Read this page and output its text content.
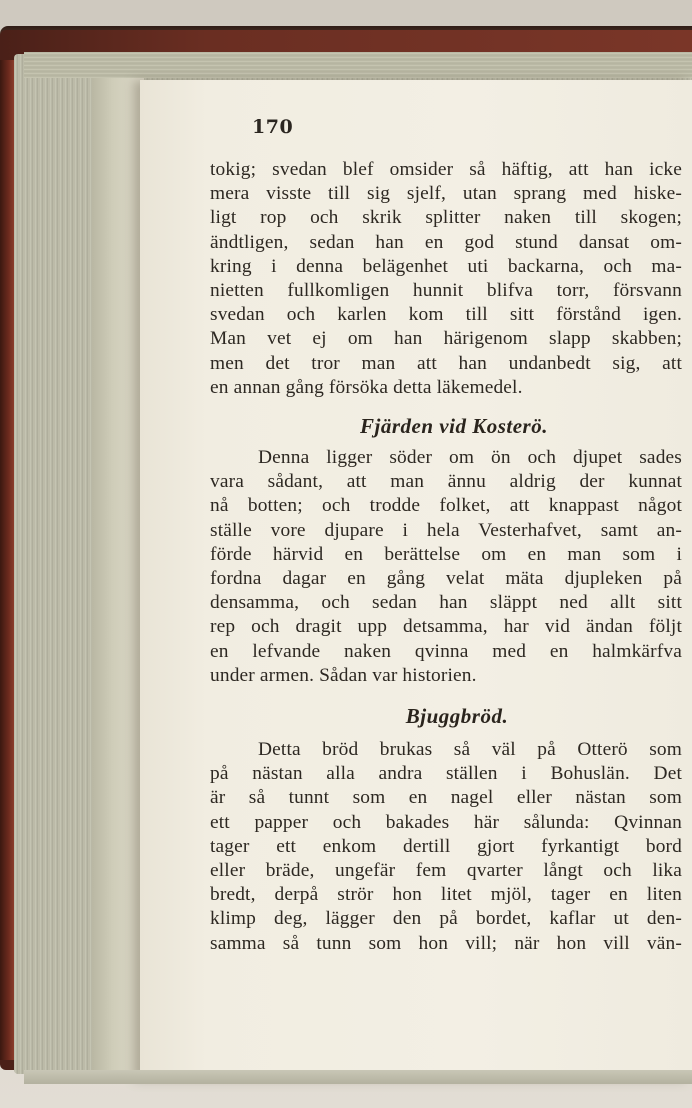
170
tokig; svedan blef omsider så häftig, att han icke
mera visste till sig sjelf, utan sprang med hiske-
ligt rop och skrik splitter naken till skogen;
ändtligen, sedan han en god stund dansat om-
kring i denna belägenhet uti backarna, och ma-
nietten fullkomligen hunnit blifva torr, försvann
svedan och karlen kom till sitt förstånd igen.
Man vet ej om han härigenom slapp skabben;
men det tror man att han undanbedt sig, att
en annan gång försöka detta läkemedel.
Fjärden vid Kosterö.
Denna ligger söder om ön och djupet sades
vara sådant, att man ännu aldrig der kunnat
nå botten; och trodde folket, att knappast något
ställe vore djupare i hela Vesterhafvet, samt an-
förde härvid en berättelse om en man som i
fordna dagar en gång velat mäta djupleken på
densamma, och sedan han släppt ned allt sitt
rep och dragit upp detsamma, har vid ändan följt
en lefvande naken qvinna med en halmkärfva
under armen. Sådan var historien.
Bjuggbröd.
Detta bröd brukas så väl på Otterö som
på nästan alla andra ställen i Bohuslän. Det
är så tunnt som en nagel eller nästan som
ett papper och bakades här sålunda: Qvinnan
tager ett enkom dertill gjort fyrkantigt bord
eller bräde, ungefär fem qvarter långt och lika
bredt, derpå strör hon litet mjöl, tager en liten
klimp deg, lägger den på bordet, kaflar ut den-
samma så tunn som hon vill; när hon vill vän-
